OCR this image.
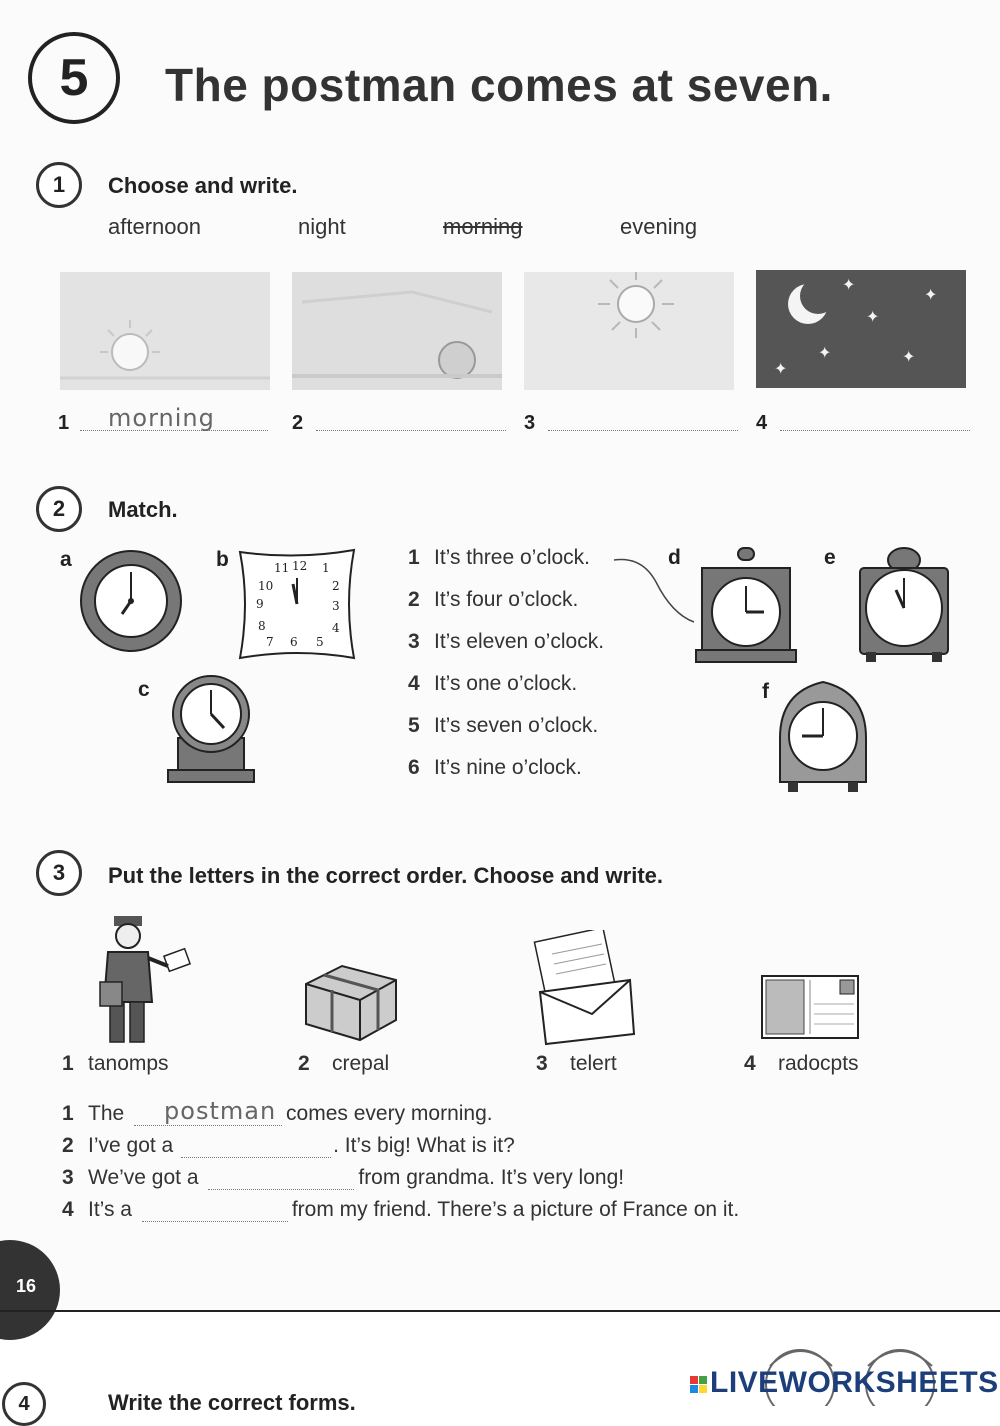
5	The postman comes at seven.
1	Choose and write.
afternoon	night	morning	evening
✦
✦
✦
✦	✦
✦
1 morning	2	3	4
2	Match.
a	b	11 12 1
10	2
9	3
8	4
7 6 5
c
1 It’s three o’clock.
2 It’s four o’clock.
3 It’s eleven o’clock.
4 It’s one o’clock.
5 It’s seven o’clock.
6 It’s nine o’clock.
d	e
f
3	Put the letters in the correct order. Choose and write.
1 tanomps	2 crepal	3 telert	4 radocpts
1 The postman comes every morning.
2 I’ve got a	. It’s big! What is it?
3 We’ve got a	from grandma. It’s very long!
4 It’s a	from my friend. There’s a picture of France on it.
16
4	Write the correct forms.
LIVEWORKSHEETS
